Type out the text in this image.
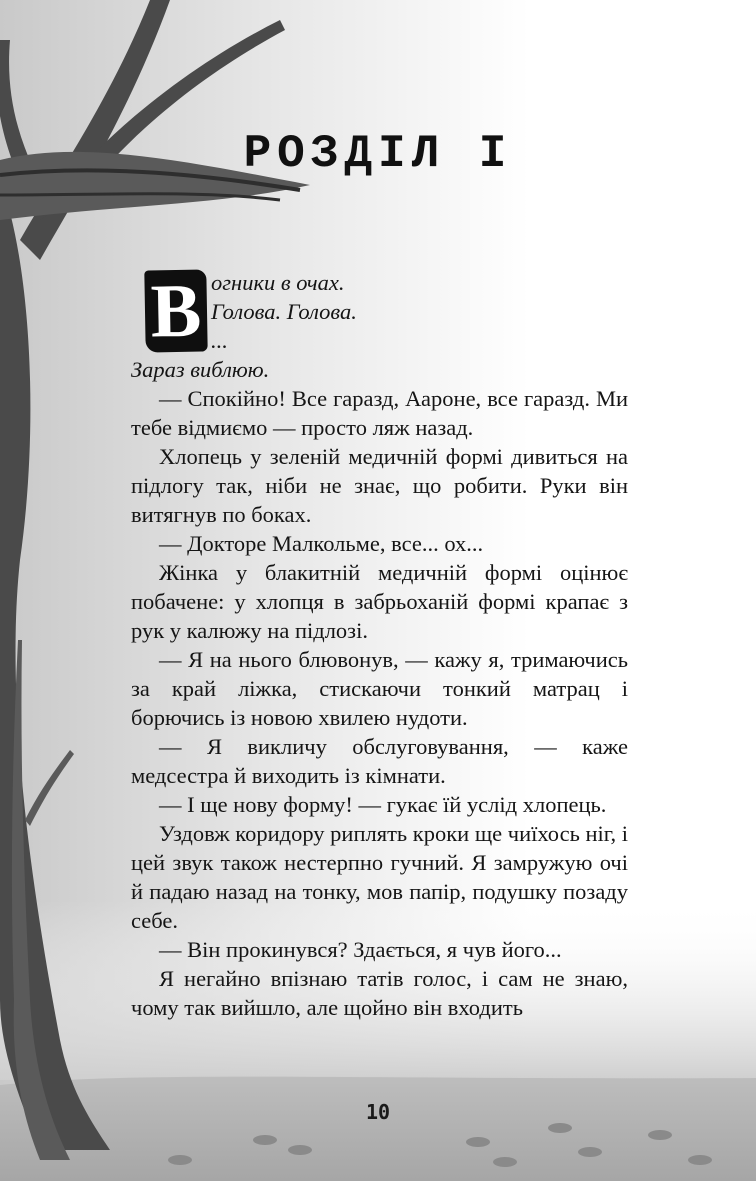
РОЗДІЛ I
В огники в очах.
Голова. Голова.
...

Зараз виблюю.

— Спокійно! Все гаразд, Аароне, все гаразд. Ми тебе відмиємо — просто ляж назад.

Хлопець у зеленій медичній формі дивиться на підлогу так, ніби не знає, що робити. Руки він витягнув по боках.

— Докторе Малкольме, все... ох...

Жінка у блакитній медичній формі оцінює побачене: у хлопця в забрьоханій формі крапає з рук у калюжу на підлозі.

— Я на нього блювонув, — кажу я, тримаючись за край ліжка, стискаючи тонкий матрац і борючись із новою хвилею нудоти.

— Я викличу обслуговування, — каже медсестра й виходить із кімнати.

— І ще нову форму! — гукає їй услід хлопець.

Уздовж коридору риплять кроки ще чиїхось ніг, і цей звук також нестерпно гучний. Я замружую очі й падаю назад на тонку, мов папір, подушку позаду себе.

— Він прокинувся? Здається, я чув його...

Я негайно впізнаю татів голос, і сам не знаю, чому так вийшло, але щойно він входить

10
